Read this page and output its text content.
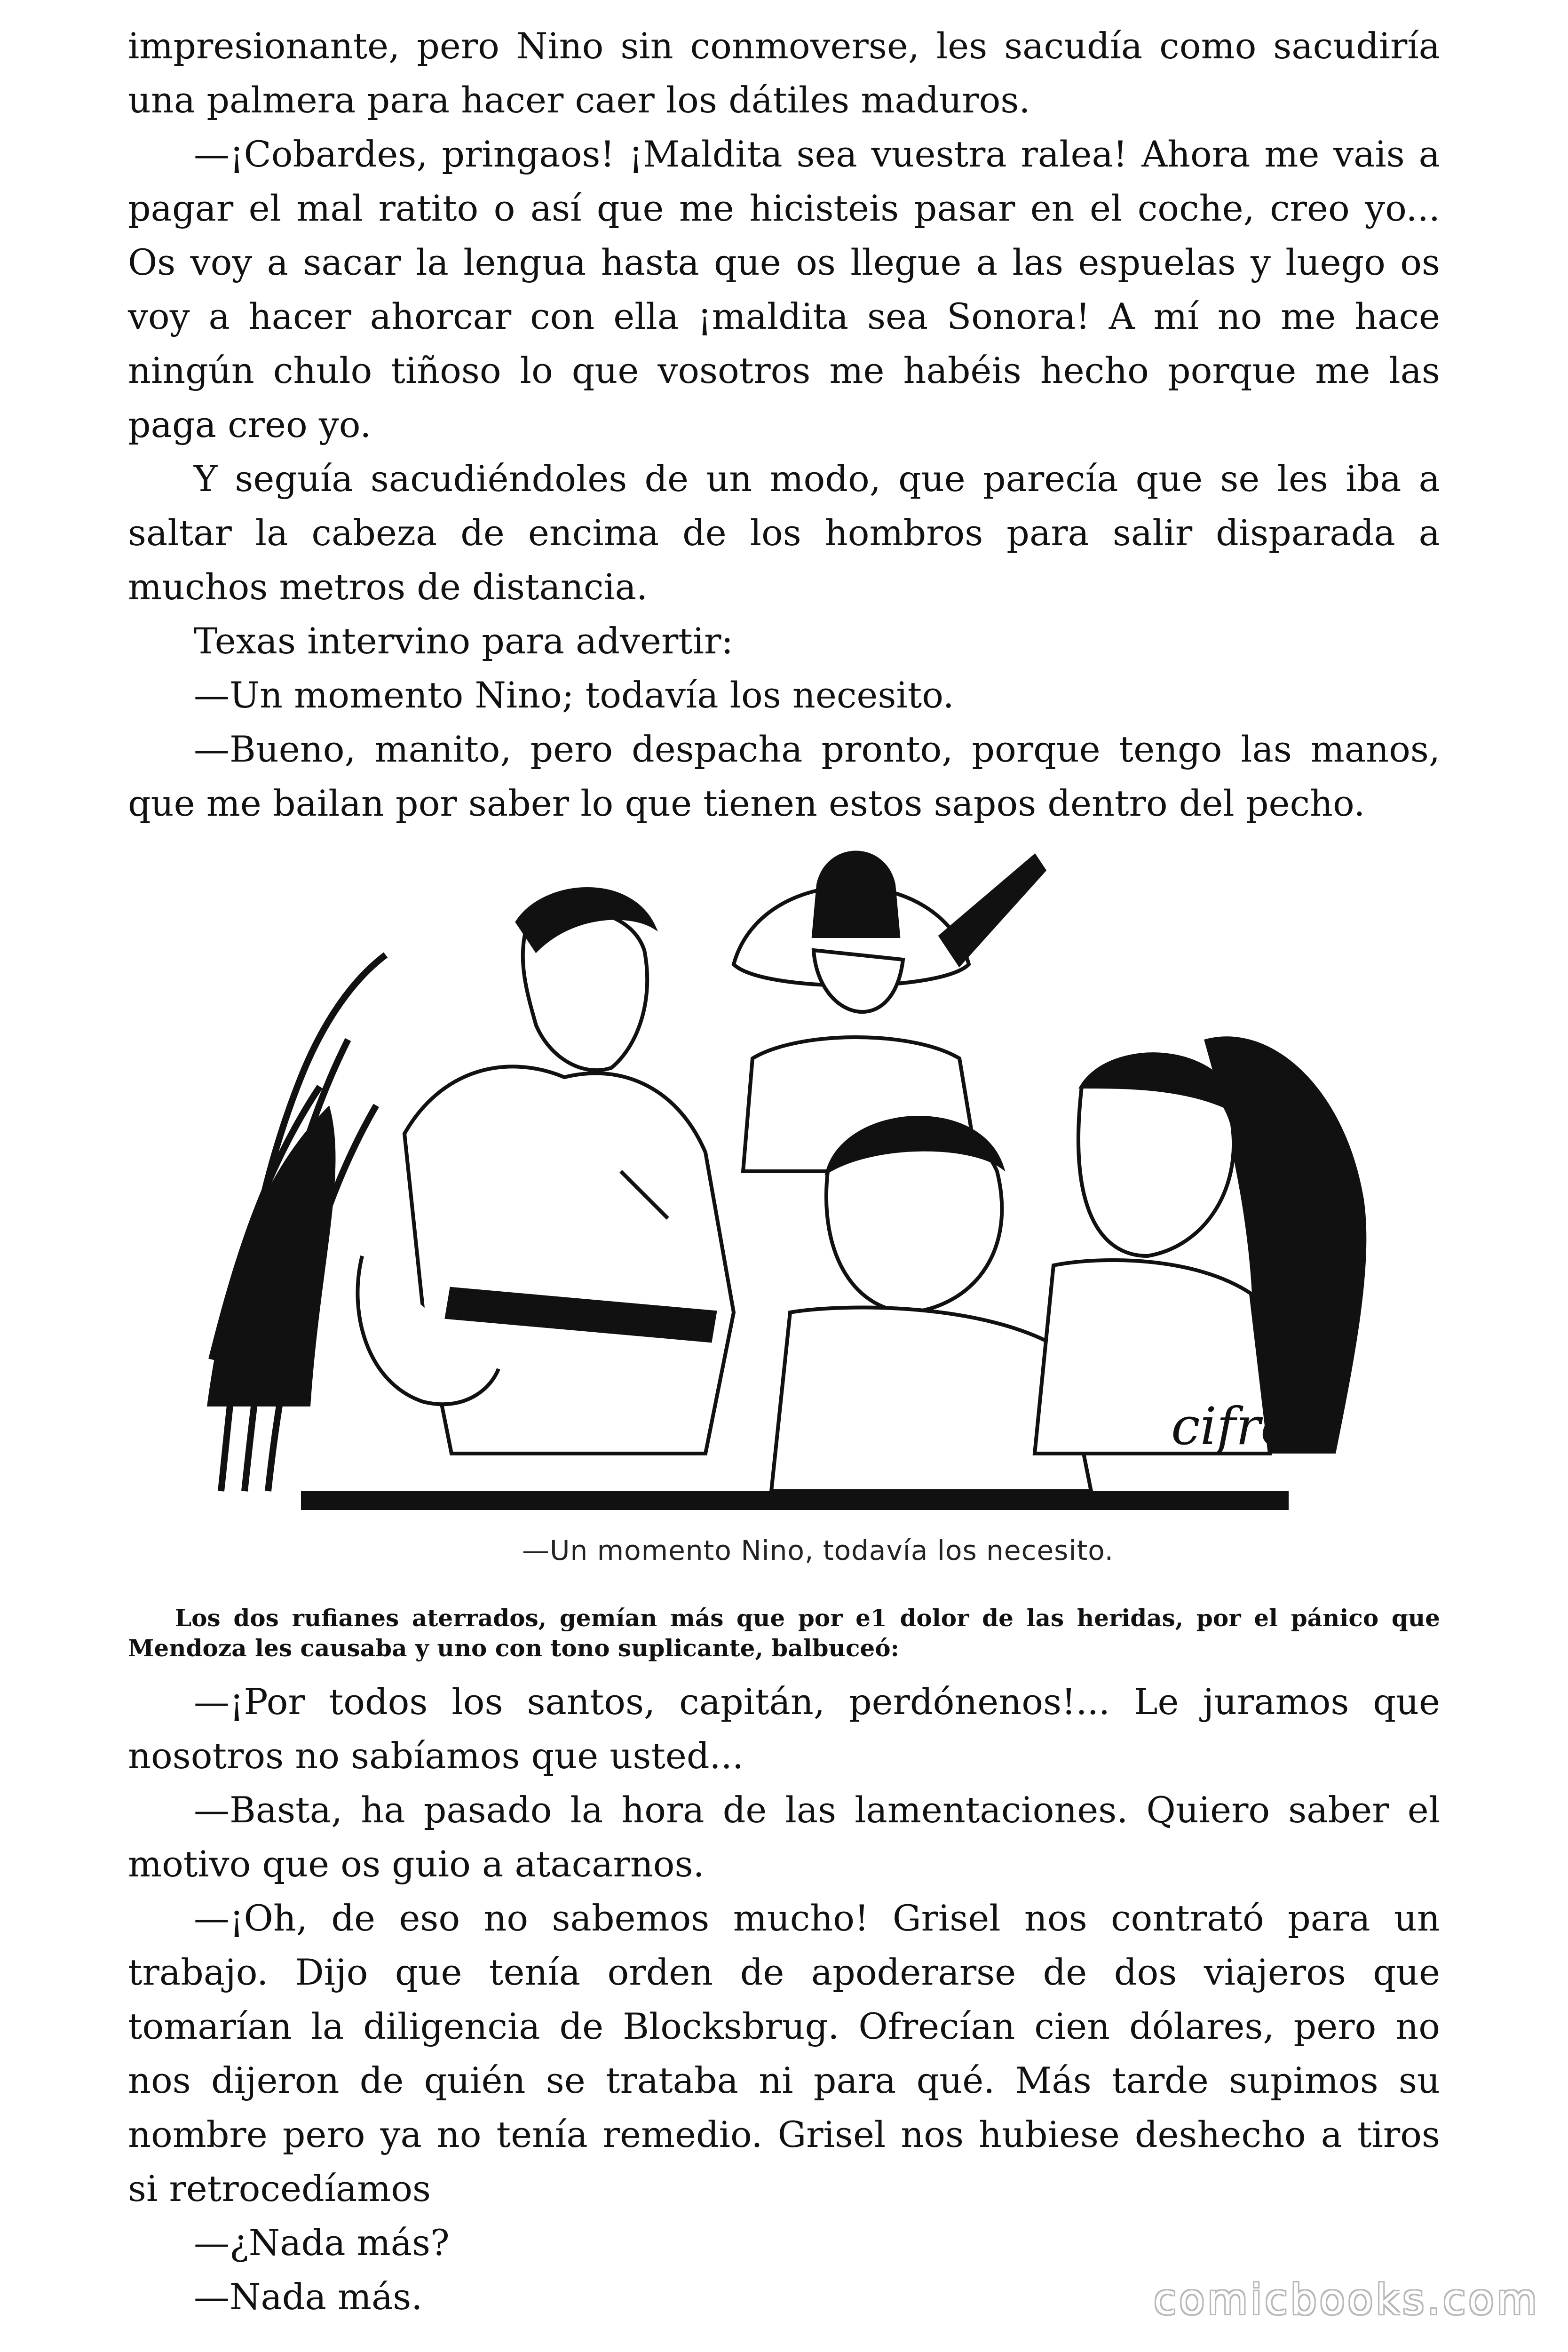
impresionante, pero Nino sin conmoverse, les sacudía como sacudiría una palmera para hacer caer los dátiles maduros.

—¡Cobardes, pringaos! ¡Maldita sea vuestra ralea! Ahora me vais a pagar el mal ratito o así que me hicisteis pasar en el coche, creo yo... Os voy a sacar la lengua hasta que os llegue a las espuelas y luego os voy a hacer ahorcar con ella ¡maldita sea Sonora! A mí no me hace ningún chulo tiñoso lo que vosotros me habéis hecho porque me las paga creo yo.

Y seguía sacudiéndoles de un modo, que parecía que se les iba a saltar la cabeza de encima de los hombros para salir disparada a muchos metros de distancia.

Texas intervino para advertir:

—Un momento Nino; todavía los necesito.

—Bueno, manito, pero despacha pronto, porque tengo las manos, que me bailan por saber lo que tienen estos sapos dentro del pecho.

cifré
—Un momento Nino, todavía los necesito.
Los dos rufianes aterrados, gemían más que por e1 dolor de las heridas, por el pánico que Mendoza les causaba y uno con tono suplicante, balbuceó:

—¡Por todos los santos, capitán, perdónenos!... Le juramos que nosotros no sabíamos que usted...

—Basta, ha pasado la hora de las lamentaciones. Quiero saber el motivo que os guio a atacarnos.

—¡Oh, de eso no sabemos mucho! Grisel nos contrató para un trabajo. Dijo que tenía orden de apoderarse de dos viajeros que tomarían la diligencia de Blocksbrug. Ofrecían cien dólares, pero no nos dijeron de quién se trataba ni para qué. Más tarde supimos su nombre pero ya no tenía remedio. Grisel nos hubiese deshecho a tiros si retrocedíamos

—¿Nada más?

—Nada más.	comicbooks.com
